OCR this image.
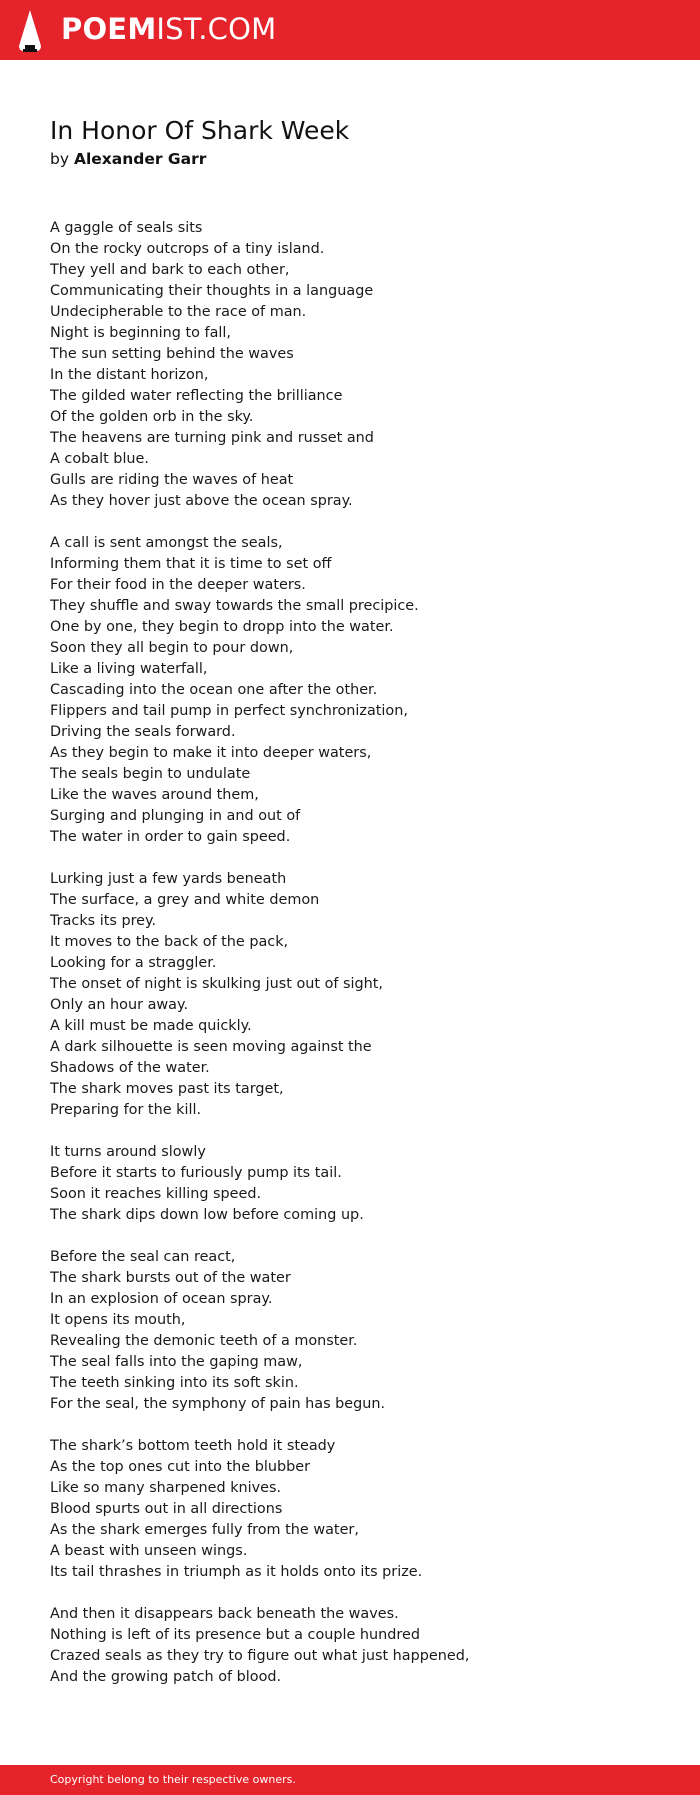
POEMIST.COM
In Honor Of Shark Week
by Alexander Garr
A gaggle of seals sits
On the rocky outcrops of a tiny island.
They yell and bark to each other,
Communicating their thoughts in a language
Undecipherable to the race of man.
Night is beginning to fall,
The sun setting behind the waves
In the distant horizon,
The gilded water reflecting the brilliance
Of the golden orb in the sky.
The heavens are turning pink and russet and
A cobalt blue.
Gulls are riding the waves of heat
As they hover just above the ocean spray.
A call is sent amongst the seals,
Informing them that it is time to set off
For their food in the deeper waters.
They shuffle and sway towards the small precipice.
One by one, they begin to dropp into the water.
Soon they all begin to pour down,
Like a living waterfall,
Cascading into the ocean one after the other.
Flippers and tail pump in perfect synchronization,
Driving the seals forward.
As they begin to make it into deeper waters,
The seals begin to undulate
Like the waves around them,
Surging and plunging in and out of
The water in order to gain speed.
Lurking just a few yards beneath
The surface, a grey and white demon
Tracks its prey.
It moves to the back of the pack,
Looking for a straggler.
The onset of night is skulking just out of sight,
Only an hour away.
A kill must be made quickly.
A dark silhouette is seen moving against the
Shadows of the water.
The shark moves past its target,
Preparing for the kill.
It turns around slowly
Before it starts to furiously pump its tail.
Soon it reaches killing speed.
The shark dips down low before coming up.
Before the seal can react,
The shark bursts out of the water
In an explosion of ocean spray.
It opens its mouth,
Revealing the demonic teeth of a monster.
The seal falls into the gaping maw,
The teeth sinking into its soft skin.
For the seal, the symphony of pain has begun.
The shark’s bottom teeth hold it steady
As the top ones cut into the blubber
Like so many sharpened knives.
Blood spurts out in all directions
As the shark emerges fully from the water,
A beast with unseen wings.
Its tail thrashes in triumph as it holds onto its prize.
And then it disappears back beneath the waves.
Nothing is left of its presence but a couple hundred
Crazed seals as they try to figure out what just happened,
And the growing patch of blood.
Copyright belong to their respective owners.
